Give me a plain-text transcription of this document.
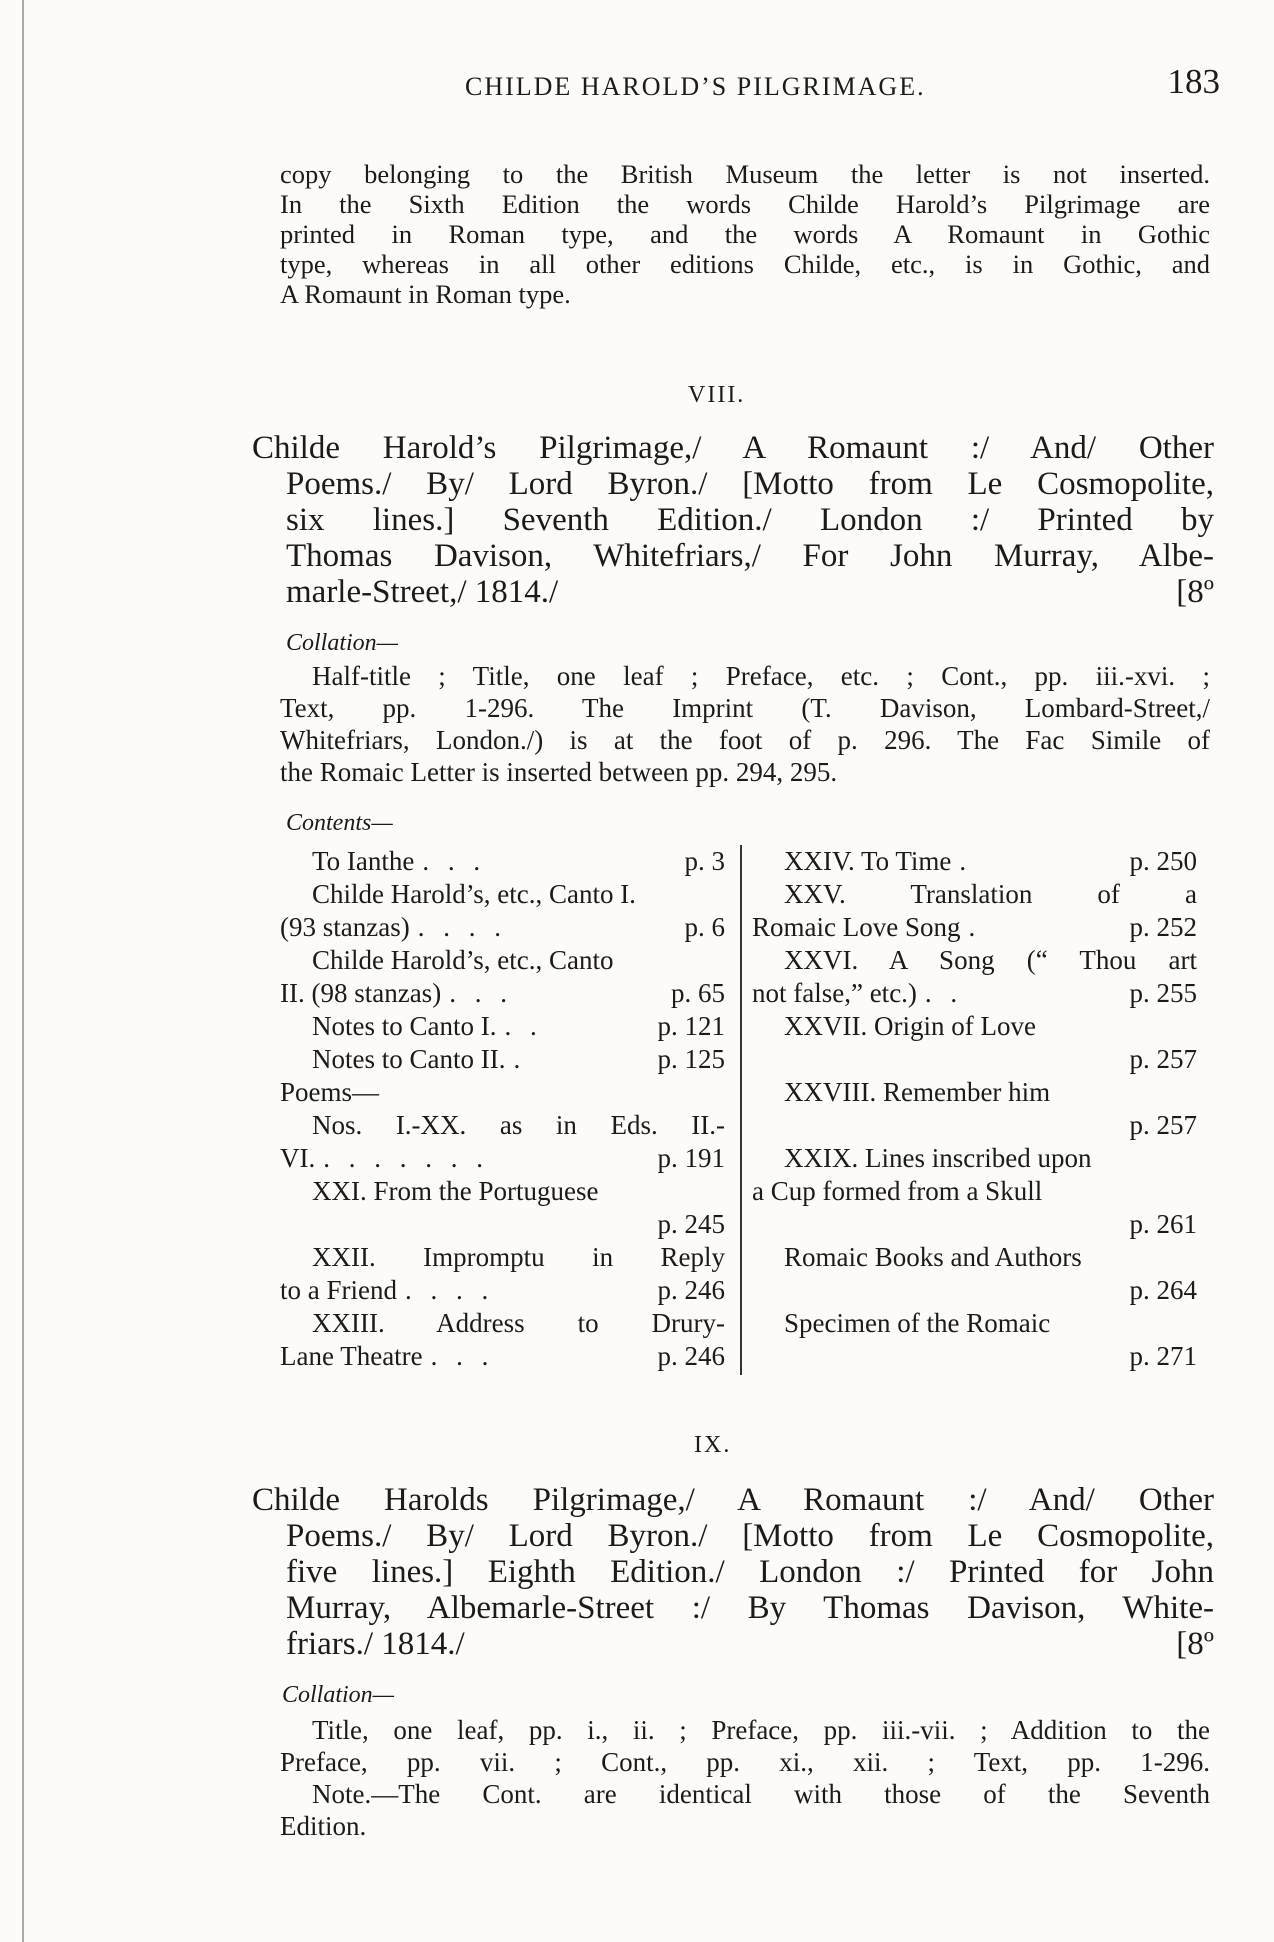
CHILDE HAROLD’S PILGRIMAGE.	183
copy belonging to the British Museum the letter is not inserted.
In the Sixth Edition the words Childe Harold’s Pilgrimage are
printed in Roman type, and the words A Romaunt in Gothic
type, whereas in all other editions Childe, etc., is in Gothic, and
A Romaunt in Roman type.
VIII.
Childe Harold’s Pilgrimage,/ A Romaunt :/ And/ Other
Poems./ By/ Lord Byron./ [Motto from Le Cosmopolite,
six lines.] Seventh Edition./ London :/ Printed by
Thomas Davison, Whitefriars,/ For John Murray, Albe-
marle-Street,/ 1814./	[8º
Collation—
Half-title ; Title, one leaf ; Preface, etc. ; Cont., pp. iii.-xvi. ;
Text, pp. 1-296. The Imprint (T. Davison, Lombard-Street,/
Whitefriars, London./) is at the foot of p. 296. The Fac Simile of
the Romaic Letter is inserted between pp. 294, 295.
Contents—
To Ianthe . . .	p. 3
Childe Harold’s, etc., Canto I.
(93 stanzas) . . . .	p. 6
Childe Harold’s, etc., Canto
II. (98 stanzas) . . .	p. 65
Notes to Canto I. . .	p. 121
Notes to Canto II. .	p. 125
Poems—
Nos. I.-XX. as in Eds. II.-
VI. . . . . . . .	p. 191
XXI. From the Portuguese
p. 245
XXII. Impromptu in Reply
to a Friend . . . .	p. 246
XXIII. Address to Drury-
Lane Theatre . . .	p. 246
XXIV. To Time .	p. 250
XXV. Translation of a
Romaic Love Song .	p. 252
XXVI. A Song (“ Thou art
not false,” etc.) . .	p. 255
XXVII. Origin of Love
p. 257
XXVIII. Remember him
p. 257
XXIX. Lines inscribed upon
a Cup formed from a Skull
p. 261
Romaic Books and Authors
p. 264
Specimen of the Romaic
p. 271
IX.
Childe Harolds Pilgrimage,/ A Romaunt :/ And/ Other
Poems./ By/ Lord Byron./ [Motto from Le Cosmopolite,
five lines.] Eighth Edition./ London :/ Printed for John
Murray, Albemarle-Street :/ By Thomas Davison, White-
friars./ 1814./	[8º
Collation—
Title, one leaf, pp. i., ii. ; Preface, pp. iii.-vii. ; Addition to the
Preface, pp. vii. ; Cont., pp. xi., xii. ; Text, pp. 1-296.
Note.—The Cont. are identical with those of the Seventh
Edition.
